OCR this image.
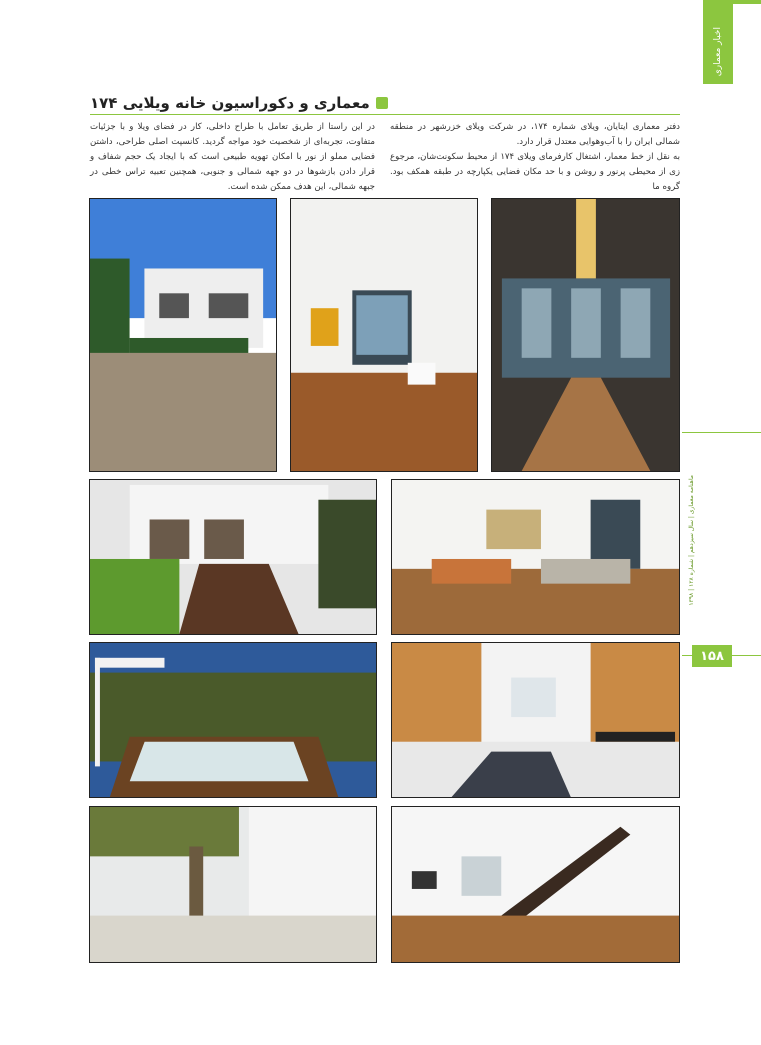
اخبار معماری
معماری و دکوراسیون خانه ویلایی ۱۷۴
دفتر معماری ایتایان، ویلای شماره ۱۷۴، در شرکت ویلای خزرشهر در منطقه شمالی ایران را با آب‌وهوایی معتدل قرار دارد.
به نقل از خط معمار، اشتغال کارفرمای ویلای ۱۷۴ از محیط سکونت‌شان، مرجوع زی از محیطی پرنور و روشن و با حد مکان فضایی یکپارچه در طبقه همکف بود. گروه ما
در این راستا از طریق تعامل با طراح داخلی، کار در فضای ویلا و با جزئیات متفاوت، تجربه‌ای از شخصیت خود مواجه گردید. کانسپت اصلی طراحی، داشتن فضایی مملو از نور با امکان تهویه طبیعی است که با ایجاد یک حجم شفاف و قرار دادن بازشوها در دو جهه شمالی و جنوبی، همچنین تعبیه تراس خطی در جبهه شمالی، این هدف ممکن شده است.
ماهنامه معماری | سال سیزدهم | شماره ۱۲۸ | ۱۳۹۸
۱۵۸
